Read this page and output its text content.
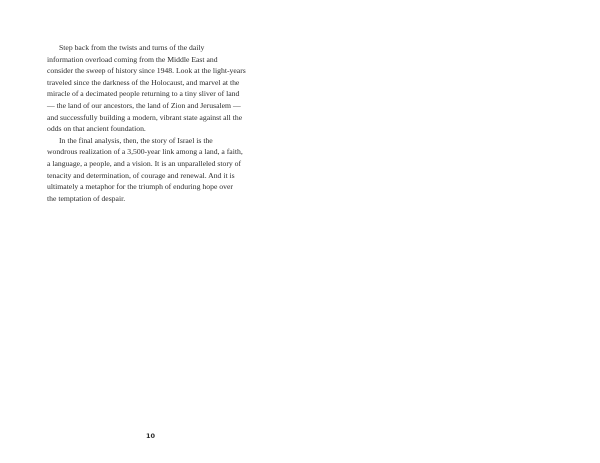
Step back from the twists and turns of the daily
information overload coming from the Middle East and
consider the sweep of history since 1948. Look at the light-years
traveled since the darkness of the Holocaust, and marvel at the
miracle of a decimated people returning to a tiny sliver of land
— the land of our ancestors, the land of Zion and Jerusalem —
and successfully building a modern, vibrant state against all the
odds on that ancient foundation.
In the final analysis, then, the story of Israel is the
wondrous realization of a 3,500-year link among a land, a faith,
a language, a people, and a vision. It is an unparalleled story of
tenacity and determination, of courage and renewal. And it is
ultimately a metaphor for the triumph of enduring hope over
the temptation of despair.
10
